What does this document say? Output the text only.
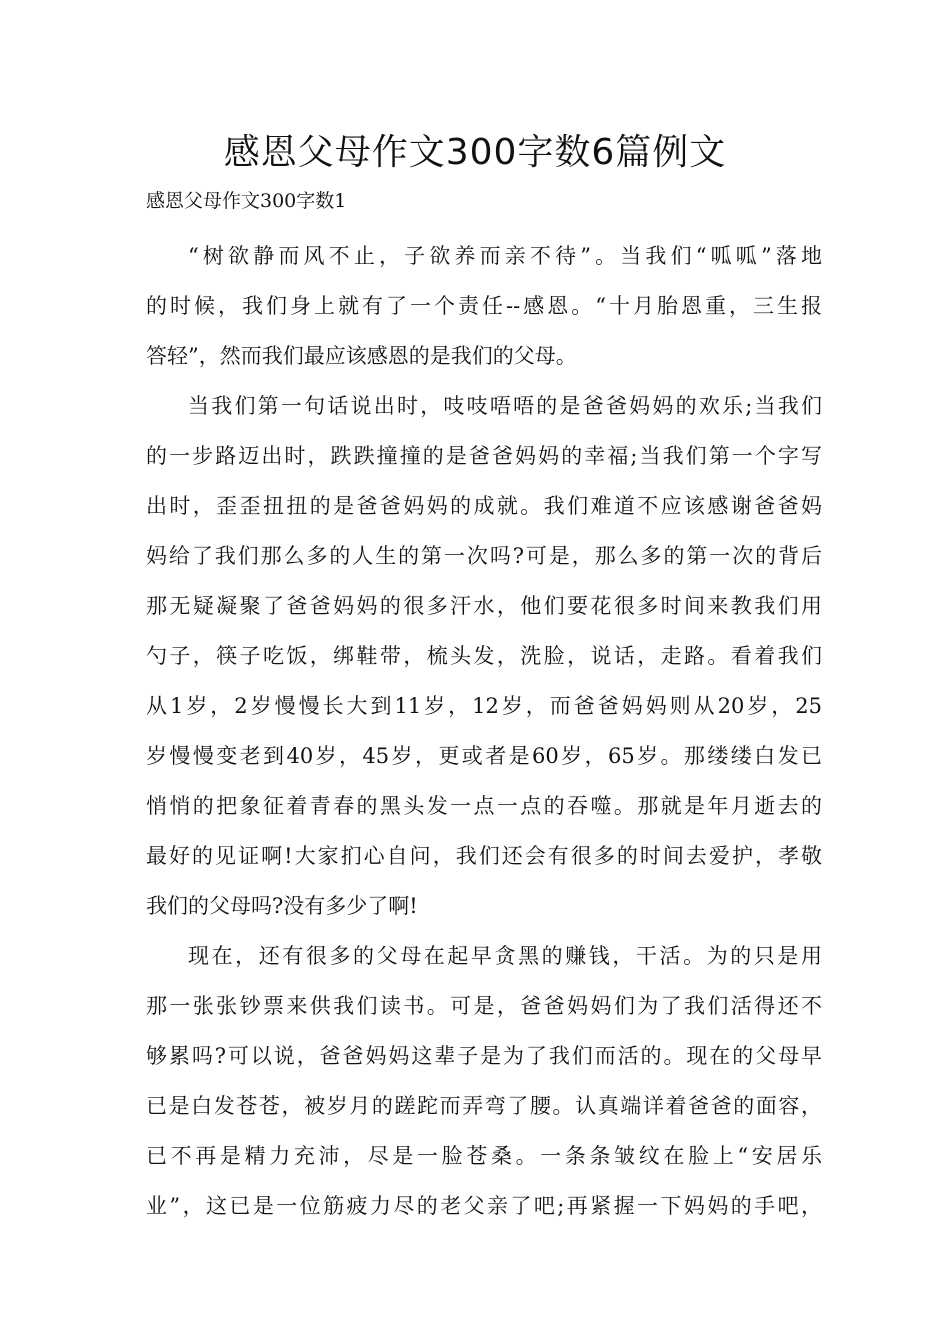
感恩父母作文300字数6篇例文
感恩父母作文300字数1
“树欲静而风不止，子欲养而亲不待”。当我们“呱呱”落地
的时候，我们身上就有了一个责任--感恩。“十月胎恩重，三生报
答轻”，然而我们最应该感恩的是我们的父母。
当我们第一句话说出时，吱吱唔唔的是爸爸妈妈的欢乐;当我们
的一步路迈出时，跌跌撞撞的是爸爸妈妈的幸福;当我们第一个字写
出时，歪歪扭扭的是爸爸妈妈的成就。我们难道不应该感谢爸爸妈
妈给了我们那么多的人生的第一次吗?可是，那么多的第一次的背后
那无疑凝聚了爸爸妈妈的很多汗水，他们要花很多时间来教我们用
勺子，筷子吃饭，绑鞋带，梳头发，洗脸，说话，走路。看着我们
从1岁，2岁慢慢长大到11岁，12岁，而爸爸妈妈则从20岁，25
岁慢慢变老到40岁，45岁，更或者是60岁，65岁。那缕缕白发已
悄悄的把象征着青春的黑头发一点一点的吞噬。那就是年月逝去的
最好的见证啊!大家扪心自问，我们还会有很多的时间去爱护，孝敬
我们的父母吗?没有多少了啊!
现在，还有很多的父母在起早贪黑的赚钱，干活。为的只是用
那一张张钞票来供我们读书。可是，爸爸妈妈们为了我们活得还不
够累吗?可以说，爸爸妈妈这辈子是为了我们而活的。现在的父母早
已是白发苍苍，被岁月的蹉跎而弄弯了腰。认真端详着爸爸的面容，
已不再是精力充沛，尽是一脸苍桑。一条条皱纹在脸上“安居乐
业”，这已是一位筋疲力尽的老父亲了吧;再紧握一下妈妈的手吧，
